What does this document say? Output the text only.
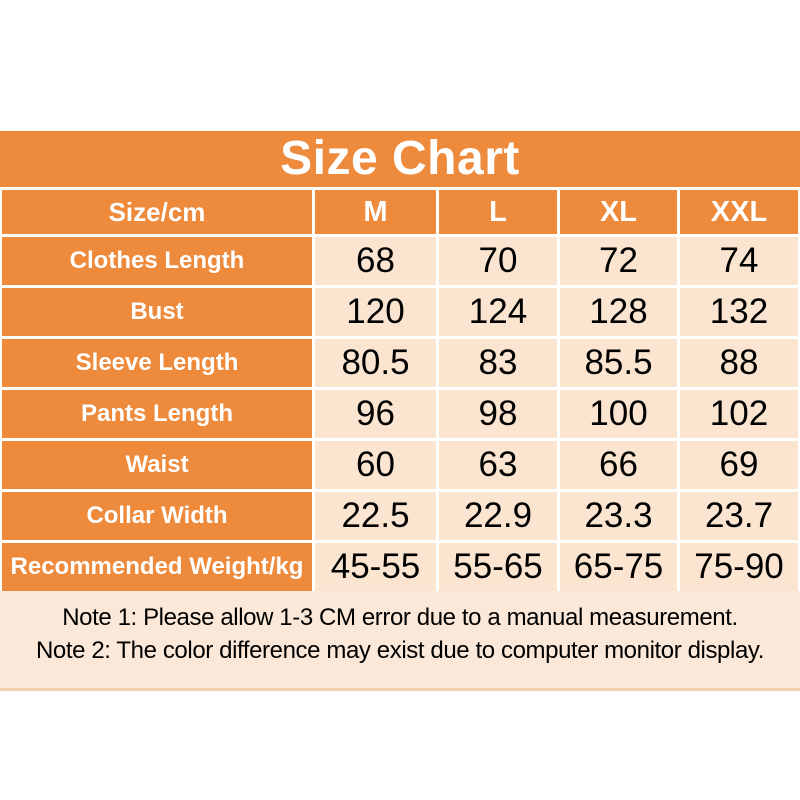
Size Chart
Size/cm	M	L	XL	XXL
Clothes Length	68	70	72	74
Bust	120	124	128	132
Sleeve Length	80.5	83	85.5	88
Pants Length	96	98	100	102
Waist	60	63	66	69
Collar Width	22.5	22.9	23.3	23.7
Recommended Weight/kg 45-55 55-65 65-75 75-90
Note 1: Please allow 1-3 CM error due to a manual measurement.
Note 2: The color difference may exist due to computer monitor display.
